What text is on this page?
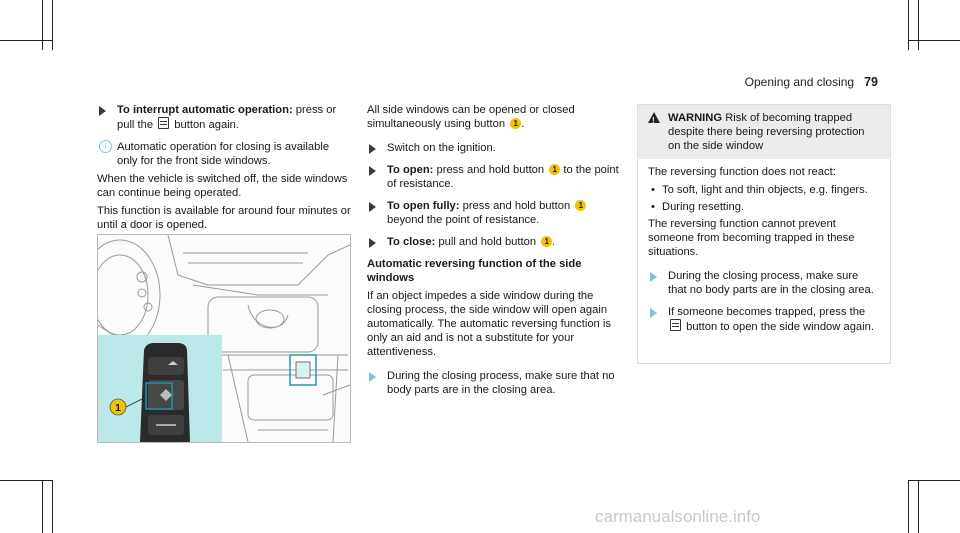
Opening and closing 79
To interrupt automatic operation: press or pull the button again.
i Automatic operation for closing is available only for the front side windows.
When the vehicle is switched off, the side windows can continue being operated.
This function is available for around four minutes or until a door is opened.
1
All side windows can be opened or closed simultaneously using button 1 .
Switch on the ignition.
To open: press and hold button 1 to the point of resistance.
To open fully: press and hold button 1 beyond the point of resistance.
To close: pull and hold button 1 .
Automatic reversing function of the side windows
If an object impedes a side window during the closing process, the side window will open again automatically. The automatic reversing function is only an aid and is not a substitute for your attentiveness.
During the closing process, make sure that no body parts are in the closing area.
!
WARNING Risk of becoming trapped despite there being reversing protection on the side window
The reversing function does not react:
• To soft, light and thin objects, e.g. fingers.
• During resetting.
The reversing function cannot prevent someone from becoming trapped in these situations.
During the closing process, make sure that no body parts are in the closing area.
If someone becomes trapped, press the  button to open the side window again.
carmanualsonline.info
